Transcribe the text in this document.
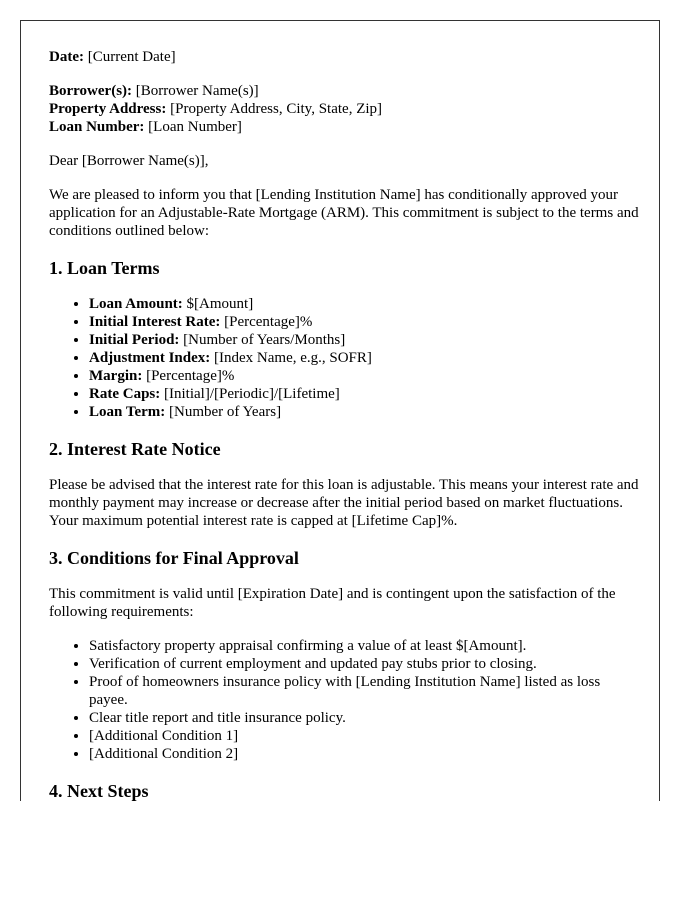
Date: [Current Date]

Borrower(s): [Borrower Name(s)]

Property Address: [Property Address, City, State, Zip]

Loan Number: [Loan Number]

Dear [Borrower Name(s)],

We are pleased to inform you that [Lending Institution Name] has conditionally approved your application for an Adjustable-Rate Mortgage (ARM). This commitment is subject to the terms and conditions outlined below:

1. Loan Terms
• Loan Amount: $[Amount]
• Initial Interest Rate: [Percentage]%
• Initial Period: [Number of Years/Months]
• Adjustment Index: [Index Name, e.g., SOFR]
• Margin: [Percentage]%
• Rate Caps: [Initial]/[Periodic]/[Lifetime]
• Loan Term: [Number of Years]
2. Interest Rate Notice

Please be advised that the interest rate for this loan is adjustable. This means your interest rate and monthly payment may increase or decrease after the initial period based on market fluctuations. Your maximum potential interest rate is capped at [Lifetime Cap]%.

3. Conditions for Final Approval

This commitment is valid until [Expiration Date] and is contingent upon the satisfaction of the following requirements:

• Satisfactory property appraisal confirming a value of at least $[Amount].
• Verification of current employment and updated pay stubs prior to closing.
• Proof of homeowners insurance policy with [Lending Institution Name] listed as loss payee.
• Clear title report and title insurance policy.
• [Additional Condition 1]
• [Additional Condition 2]
4. Next Steps
